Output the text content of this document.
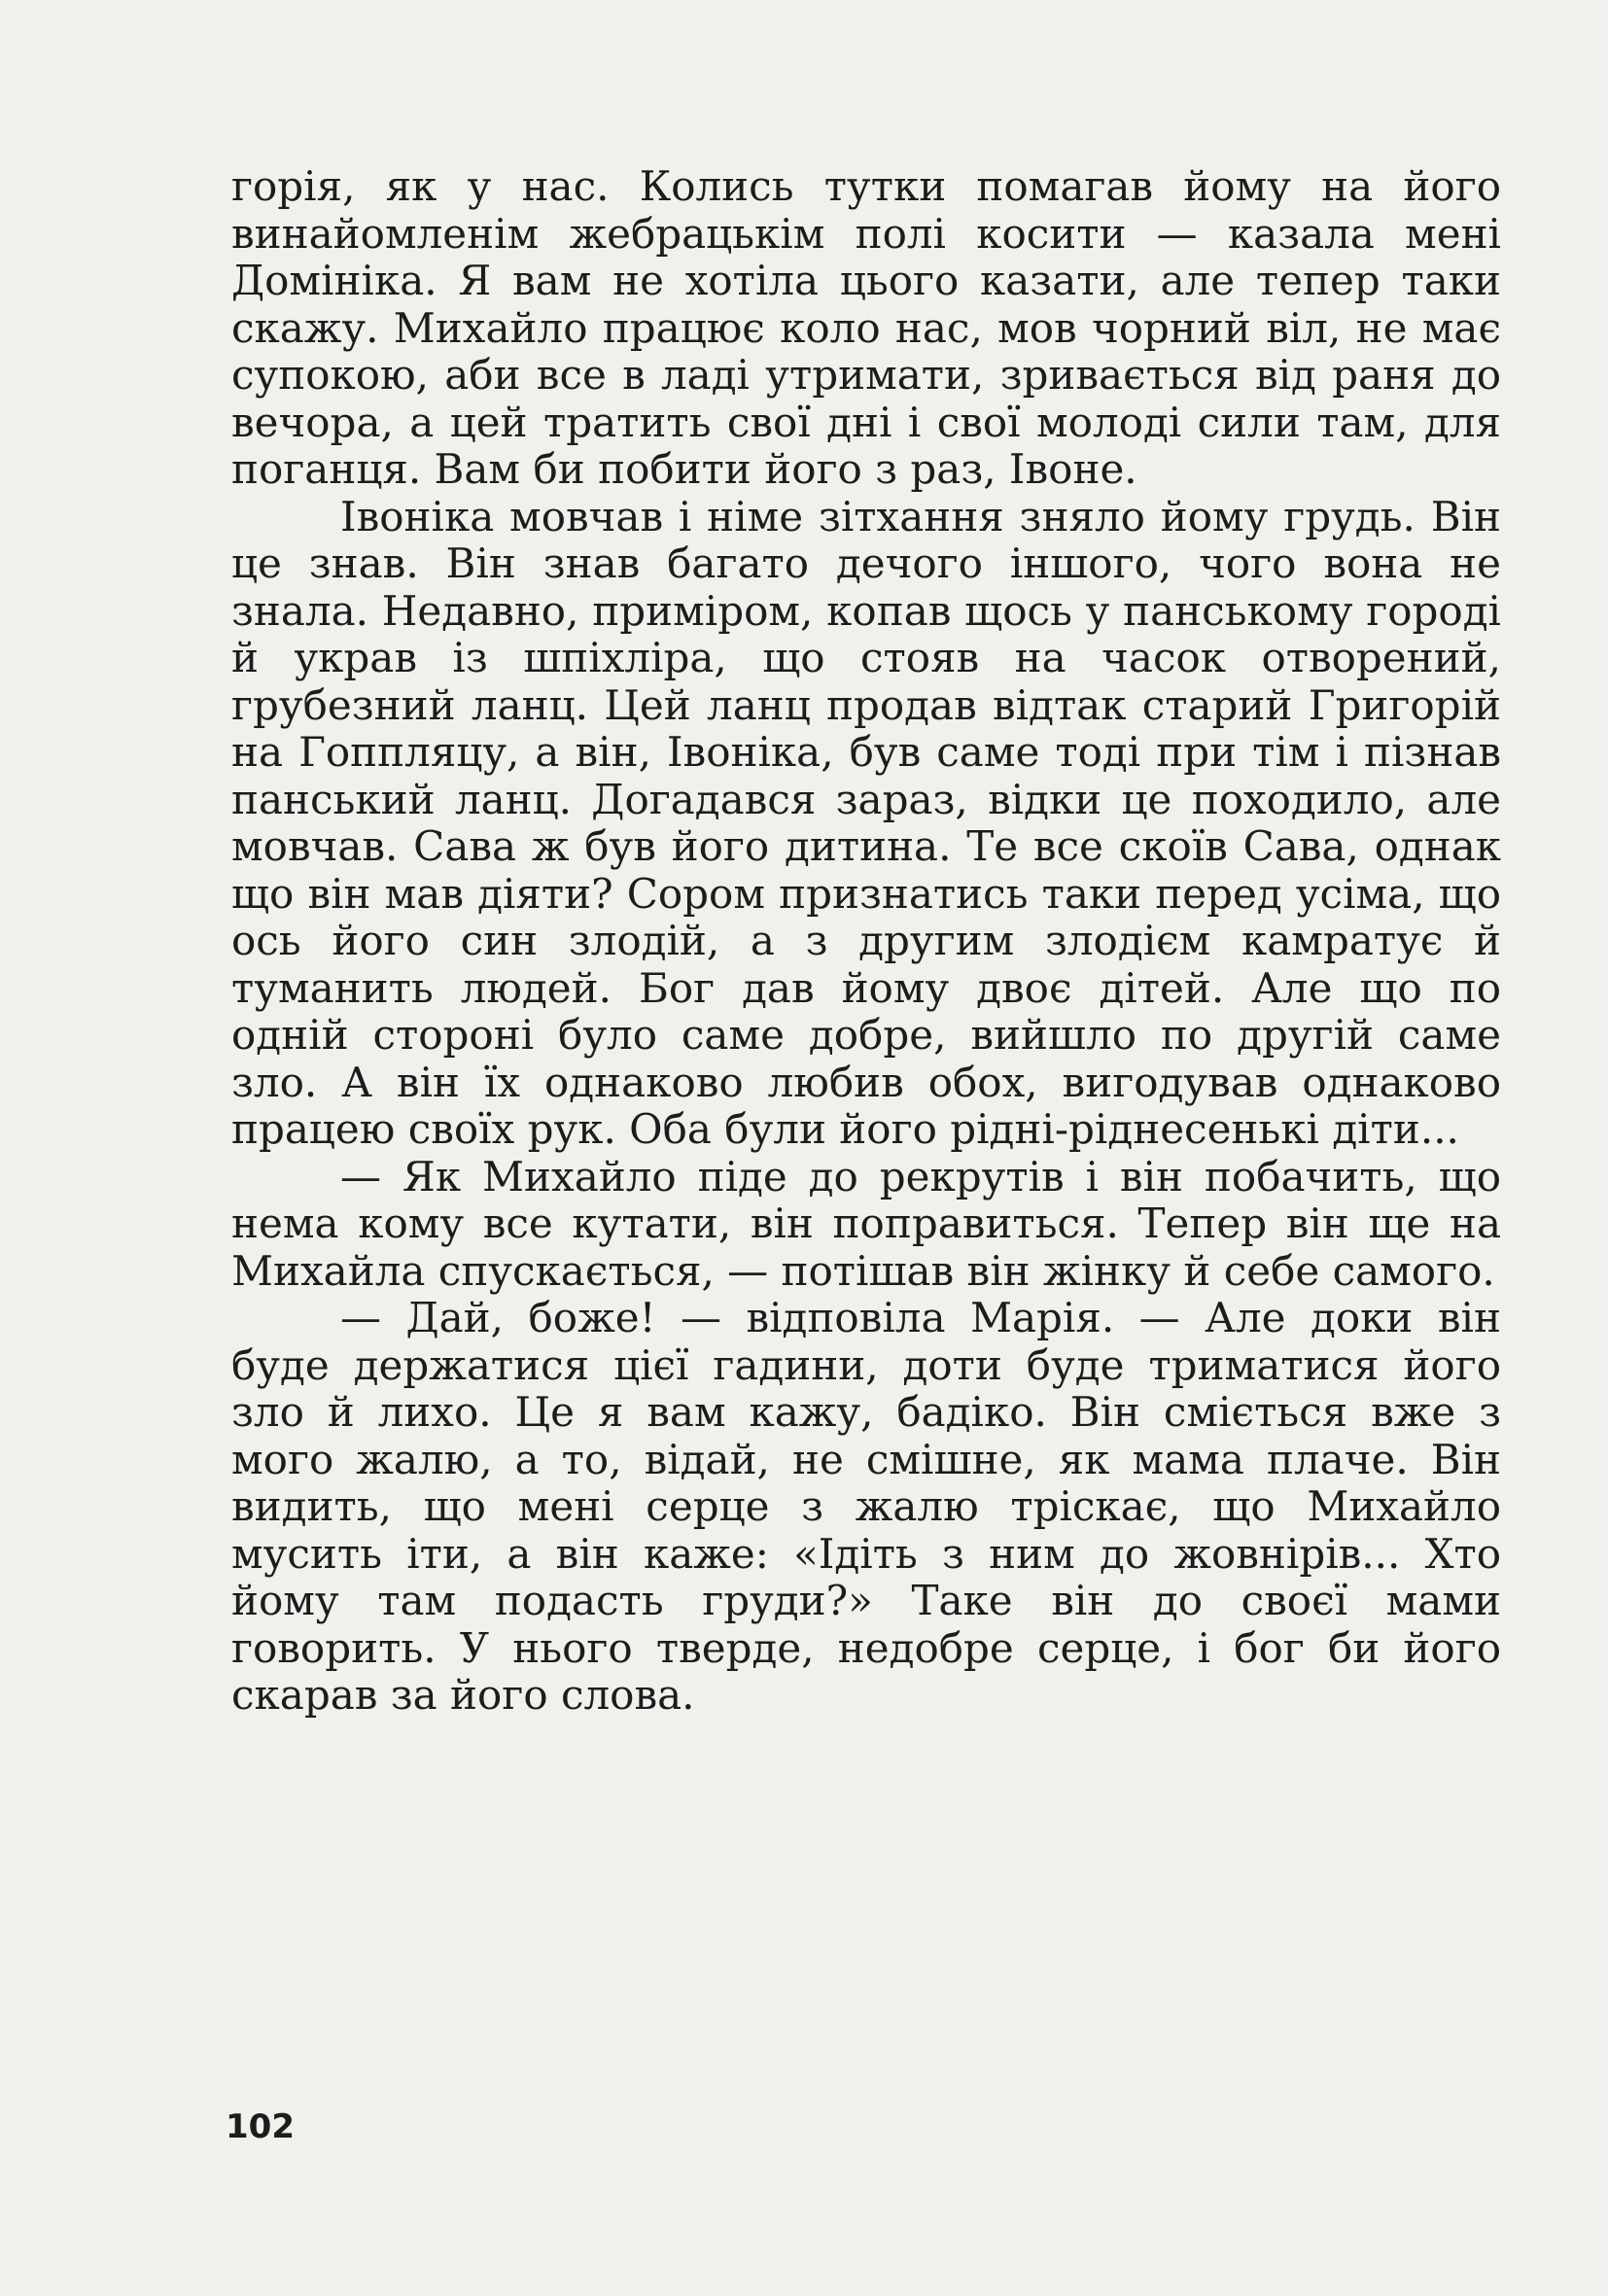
горія, як у нас. Колись тутки помагав йому на його винайомленім жебрацькім полі косити — казала мені Домініка. Я вам не хотіла цього казати, але тепер таки скажу. Михайло працює коло нас, мов чорний віл, не має супокою, аби все в ладі утримати, зривається від раня до вечора, а цей тратить свої дні і свої молоді сили там, для поганця. Вам би побити його з раз, Івоне.

Івоніка мовчав і німе зітхання зняло йому грудь. Він це знав. Він знав багато дечого іншого, чого вона не знала. Недавно, приміром, копав щось у панському городі й украв із шпіхліра, що стояв на часок отворений, грубезний ланц. Цей ланц продав відтак старий Григорій на Гоппляцу, а він, Івоніка, був саме тоді при тім і пізнав панський ланц. Догадався зараз, відки це походило, але мовчав. Сава ж був його дитина. Те все скоїв Сава, однак що він мав діяти? Сором признатись таки перед усіма, що ось його син злодій, а з другим злодієм камратує й туманить людей. Бог дав йому двоє дітей. Але що по одній стороні було саме добре, вийшло по другій саме зло. А він їх однаково любив обох, вигодував однаково працею своїх рук. Оба були його рідні-ріднесенькі діти...

— Як Михайло піде до рекрутів і він побачить, що нема кому все кутати, він поправиться. Тепер він ще на Михайла спускається, — потішав він жінку й себе самого.

— Дай, боже! — відповіла Марія. — Але доки він буде держатися цієї гадини, доти буде триматися його зло й лихо. Це я вам кажу, бадіко. Він сміється вже з мого жалю, а то, відай, не смішне, як мама плаче. Він видить, що мені серце з жалю тріскає, що Михайло мусить іти, а він каже: «Ідіть з ним до жовнірів... Хто йому там подасть груди?» Таке він до своєї мами говорить. У нього тверде, недобре серце, і бог би його скарав за його слова.

102
